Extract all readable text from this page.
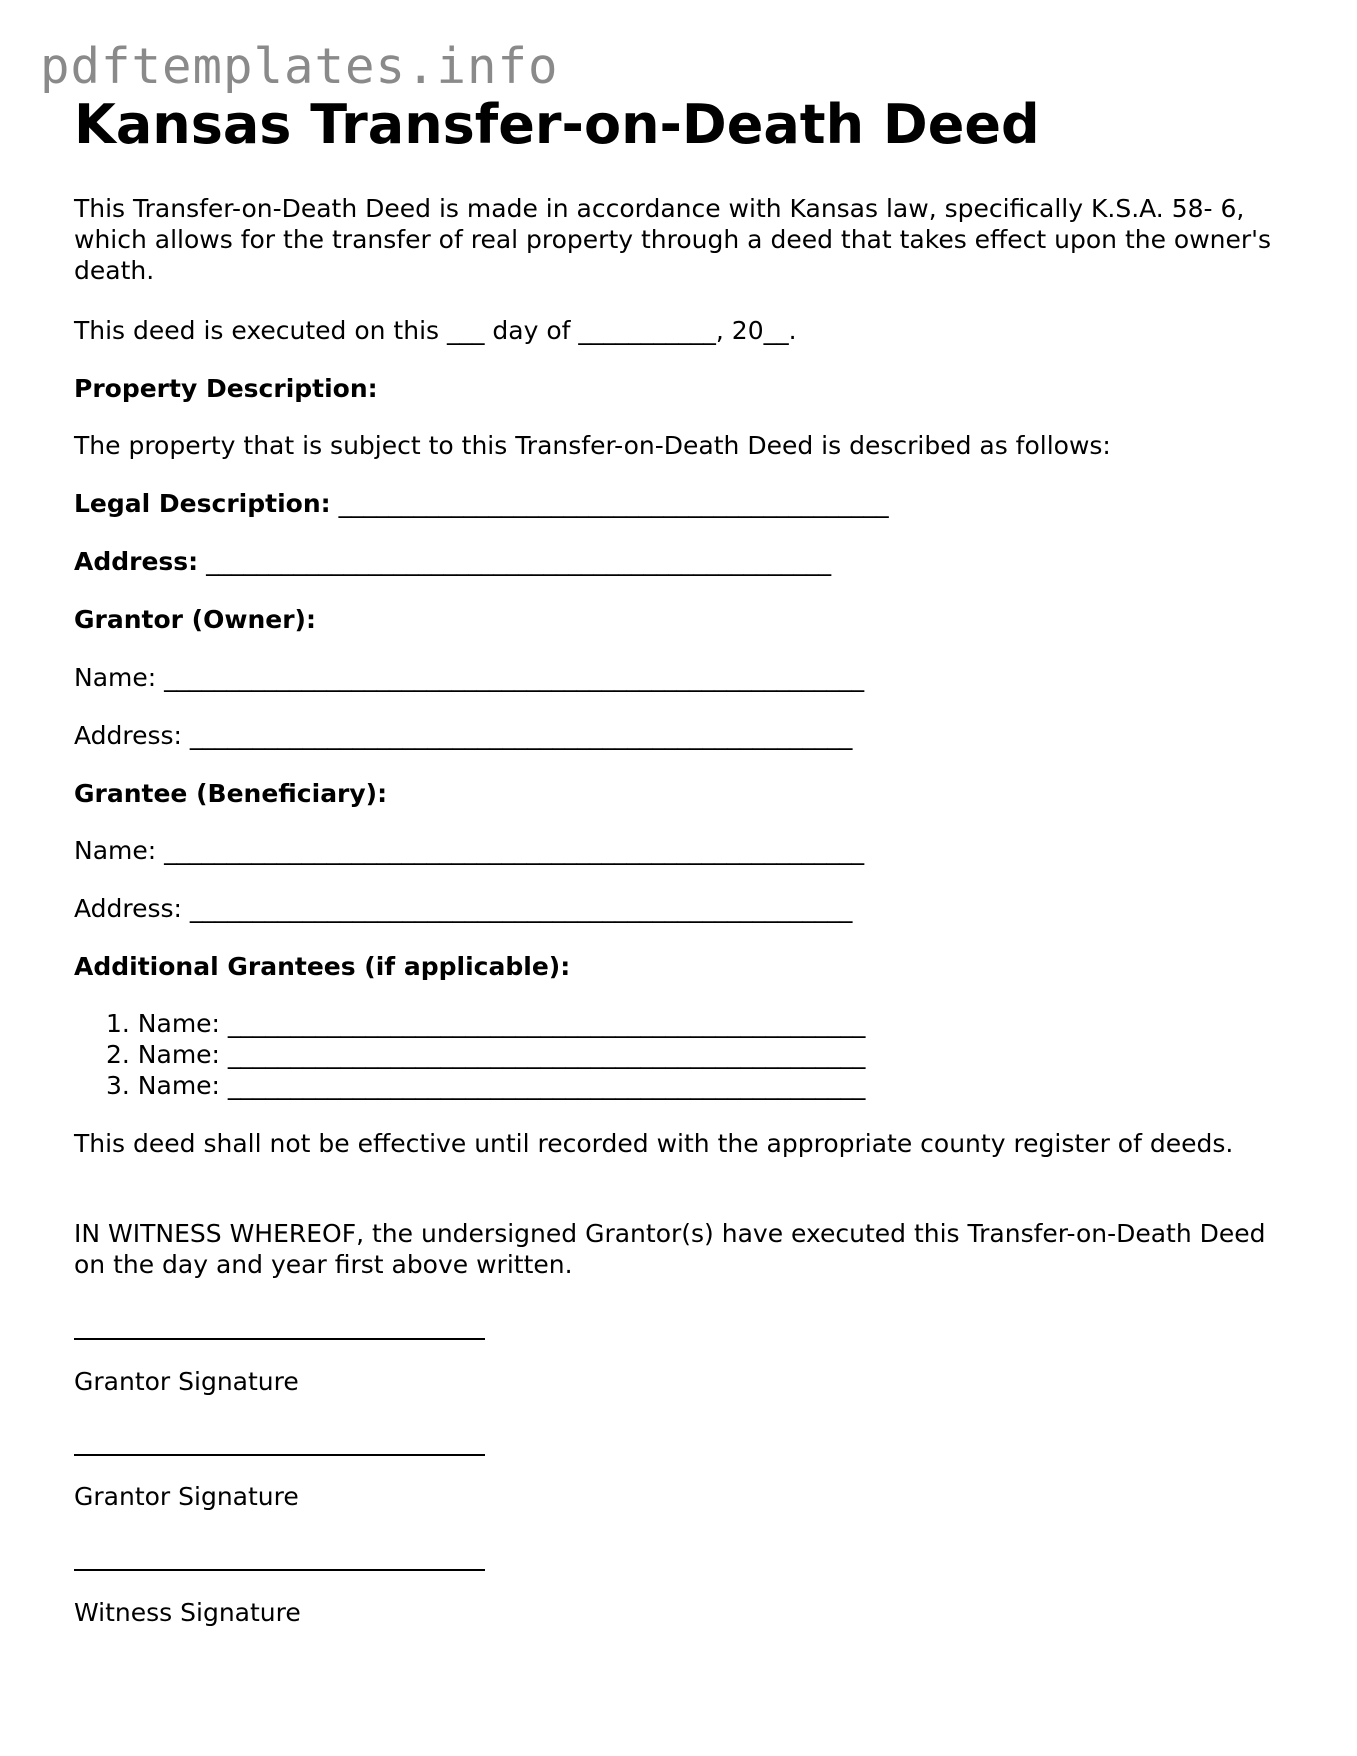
pdftemplates.info
Kansas Transfer-on-Death Deed

This Transfer-on-Death Deed is made in accordance with Kansas law, specifically K.S.A. 58- 6, which allows for the transfer of real property through a deed that takes effect upon the owner's death.

This deed is executed on this ___ day of ___________, 20__.

Property Description:

The property that is subject to this Transfer-on-Death Deed is described as follows:

Legal Description: ____________________________________________

Address: __________________________________________________

Grantor (Owner):

Name: ________________________________________________________

Address: _____________________________________________________

Grantee (Beneficiary):

Name: ________________________________________________________

Address: _____________________________________________________

Additional Grantees (if applicable):

1. Name: ___________________________________________________
2. Name: ___________________________________________________
3. Name: ___________________________________________________

This deed shall not be effective until recorded with the appropriate county register of deeds.

IN WITNESS WHEREOF, the undersigned Grantor(s) have executed this Transfer-on-Death Deed on the day and year first above written.

Grantor Signature

Grantor Signature

Witness Signature
